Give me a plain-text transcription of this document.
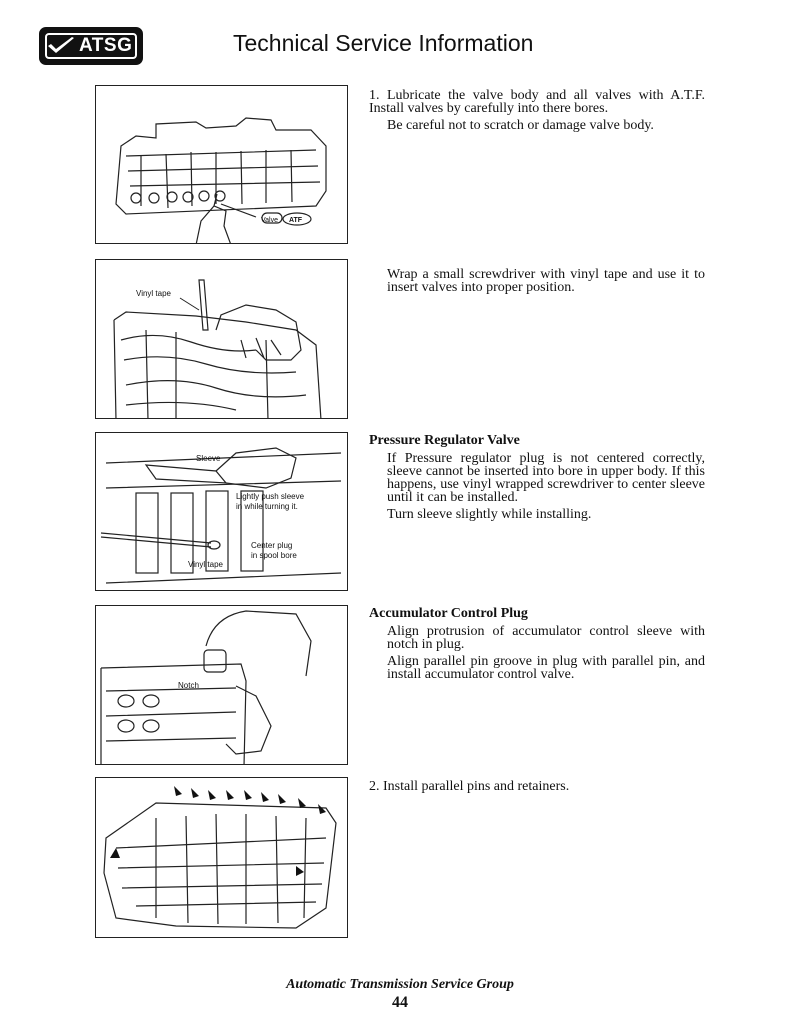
ATSG	Technical Service Information
Valve ATF
Vinyl tape
Sleeve
Lightly push sleeve
in while turning it.
Center plug
in spool bore
Vinyl tape
Notch

1. Lubricate the valve body and all valves with A.T.F. Install valves by carefully into there bores.

Be careful not to scratch or damage valve body.

Wrap a small screwdriver with vinyl tape and use it to insert valves into proper position.

Pressure Regulator Valve

If Pressure regulator plug is not centered correctly, sleeve cannot be inserted into bore in upper body. If this happens, use vinyl wrapped screwdriver to center sleeve until it can be installed.

Turn sleeve slightly while installing.

Accumulator Control Plug

Align protrusion of accumulator control sleeve with notch in plug.

Align parallel pin groove in plug with parallel pin, and install accumulator control valve.

2. Install parallel pins and retainers.

Automatic Transmission Service Group
44
